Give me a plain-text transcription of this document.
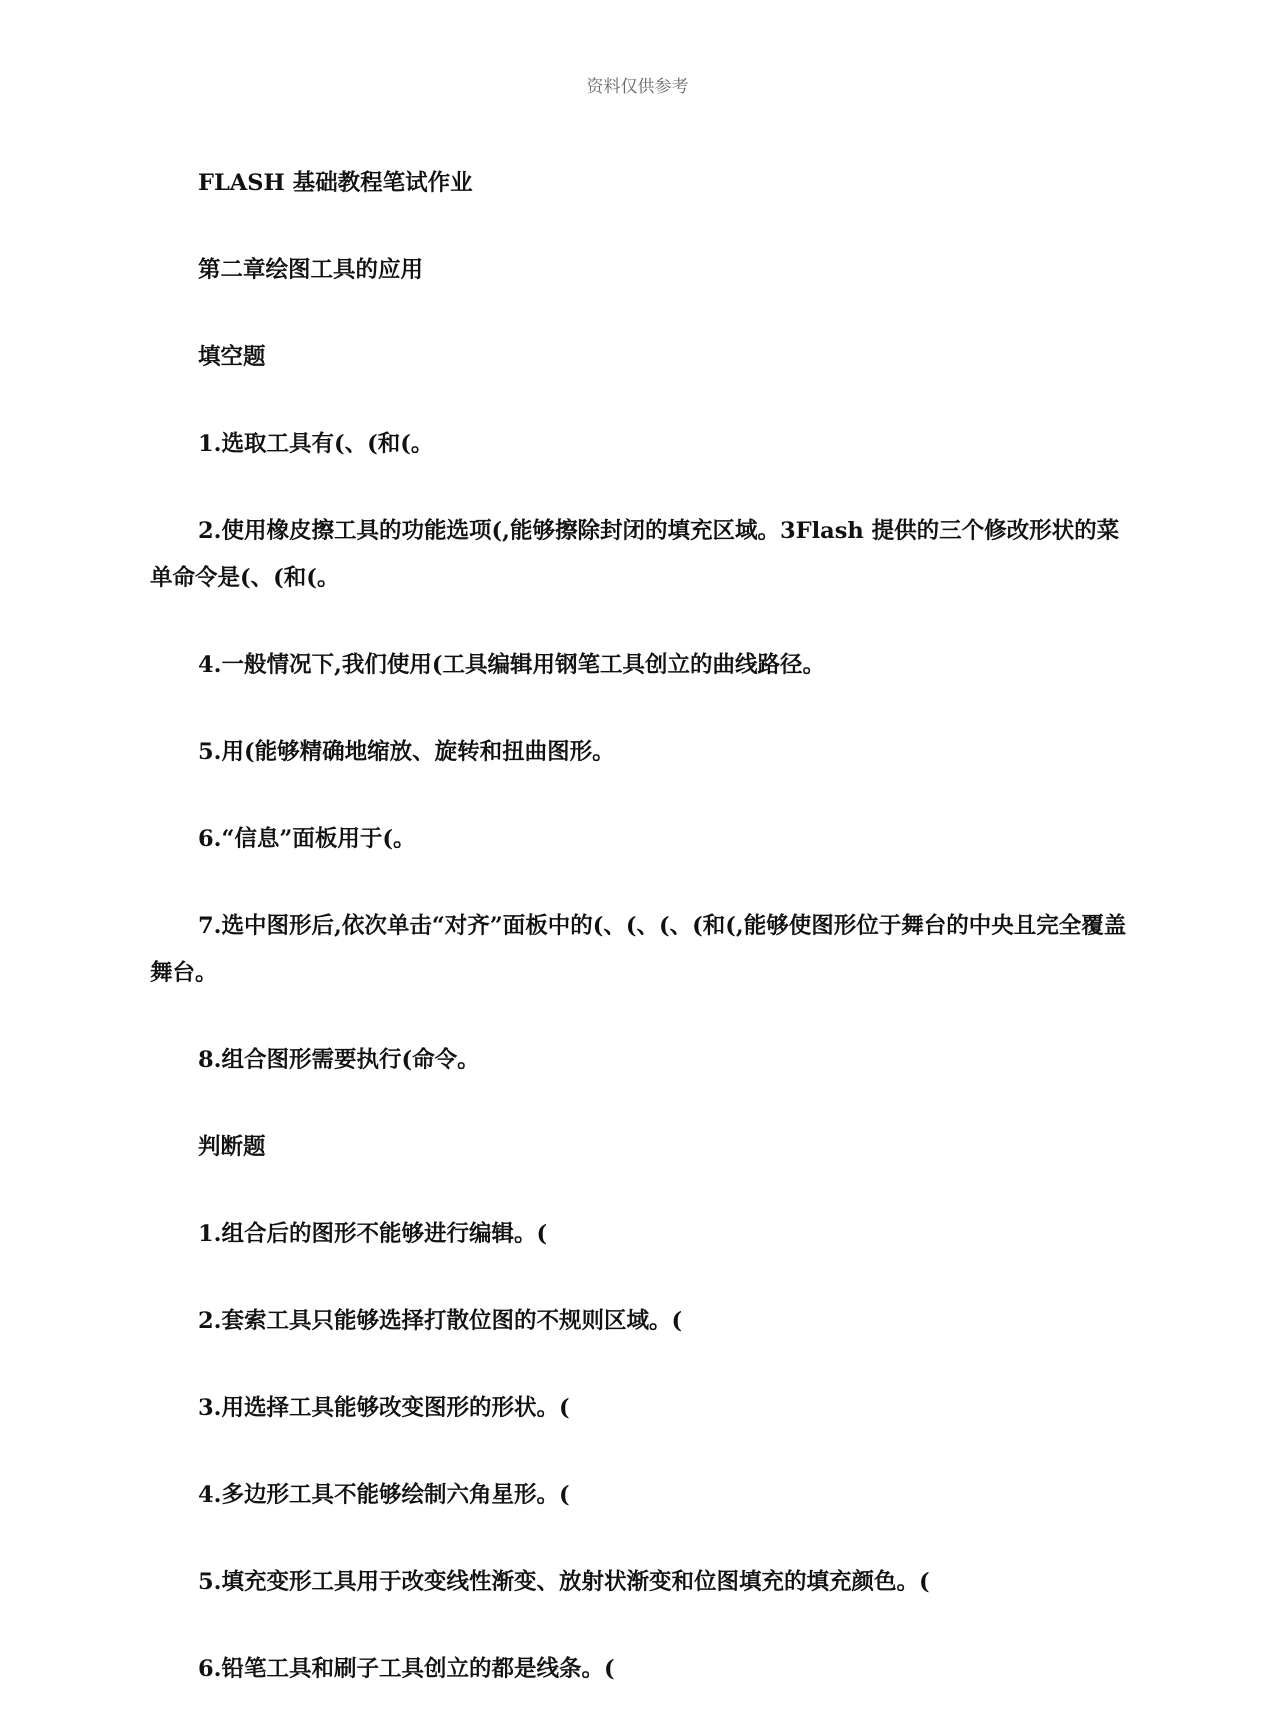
资料仅供参考

FLASH 基础教程笔试作业

第二章绘图工具的应用

填空题

1.选取工具有(、(和(。

2.使用橡皮擦工具的功能选项(,能够擦除封闭的填充区域。3Flash 提供的三个修改形状的菜单命令是(、(和(。

4.一般情况下,我们使用(工具编辑用钢笔工具创立的曲线路径。

5.用(能够精确地缩放、旋转和扭曲图形。

6.“信息”面板用于(。

7.选中图形后,依次单击“对齐”面板中的(、(、(、(和(,能够使图形位于舞台的中央且完全覆盖舞台。

8.组合图形需要执行(命令。

判断题

1.组合后的图形不能够进行编辑。(

2.套索工具只能够选择打散位图的不规则区域。(

3.用选择工具能够改变图形的形状。(

4.多边形工具不能够绘制六角星形。(

5.填充变形工具用于改变线性渐变、放射状渐变和位图填充的填充颜色。(

6.铅笔工具和刷子工具创立的都是线条。(
